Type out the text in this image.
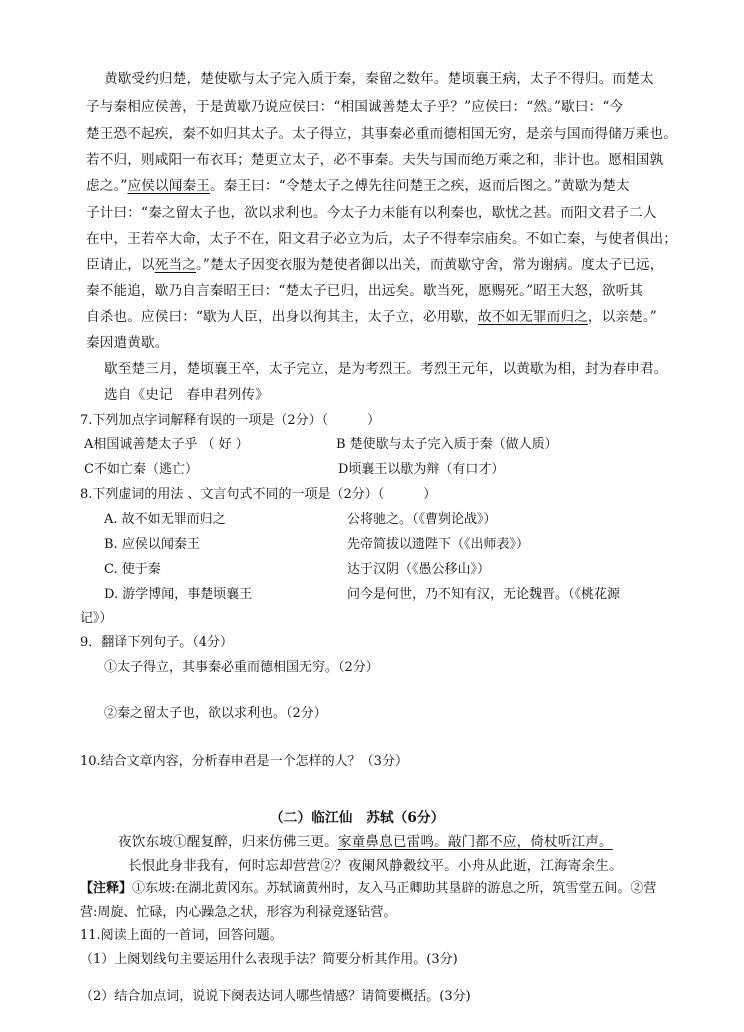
黄歇受约归楚，楚使歇与太子完入质于秦，秦留之数年。楚顷襄王病，太子不得归。而楚太
子与秦相应侯善，于是黄歇乃说应侯曰：“相国诚善楚太子乎？”应侯曰：“然。”歇曰：“今
楚王恐不起疾，秦不如归其太子。太子得立，其事秦必重而德相国无穷，是亲与国而得储万乘也。
若不归，则咸阳一布衣耳；楚更立太子，必不事秦。夫失与国而绝万乘之和，非计也。愿相国孰
虑之。”应侯以闻秦王。秦王曰：“令楚太子之傅先往问楚王之疾，返而后图之。”黄歇为楚太
子计曰：“秦之留太子也，欲以求利也。今太子力未能有以利秦也，歇忧之甚。而阳文君子二人
在中，王若卒大命，太子不在，阳文君子必立为后，太子不得奉宗庙矣。不如亡秦，与使者俱出；
臣请止，以死当之。”楚太子因变衣服为楚使者御以出关，而黄歇守舍，常为谢病。度太子已远，
秦不能追，歇乃自言秦昭王曰：“楚太子已归，出远矣。歇当死，愿赐死。”昭王大怒，欲听其
自杀也。应侯曰：“歇为人臣，出身以徇其主，太子立，必用歇，故不如无罪而归之，以亲楚。”
秦因遣黄歇。
歇至楚三月，楚顷襄王卒，太子完立，是为考烈王。考烈王元年，以黄歇为相，封为春申君。
选自《史记　春申君列传》
7.下列加点字词解释有误的一项是（2分）（　　　）
A相国诚善楚太子乎 （ 好 ）	B 楚使歇与太子完入质于秦（做人质）
C不如亡秦（逃亡）	D顷襄王以歇为辩（有口才）
8.下列虚词的用法 、文言句式不同的一项是（2分）（　　　）
A. 故不如无罪而归之	公将驰之。（《曹刿论战》）
B. 应侯以闻秦王	先帝简拔以遗陛下（《出师表》）
C. 使于秦	达于汉阴（《愚公移山》）
D. 游学博闻，事楚顷襄王	问今是何世，乃不知有汉，无论魏晋。（《桃花源
记》）
9．翻译下列句子。（4分）
①太子得立，其事秦必重而德相国无穷。（2分）
②秦之留太子也，欲以求利也。（2分）
10.结合文章内容，分析春申君是一个怎样的人？（3分）
（二）临江仙　苏轼（6分）
夜饮东坡①醒复醉，归来仿佛三更。家童鼻息已雷鸣。敲门都不应，倚杖听江声。
长恨此身非我有，何时忘却营营②？夜阑风静縠纹平。小舟从此逝，江海寄余生。
【注释】①东坡:在湖北黄冈东。苏轼谪黄州时，友入马正卿助其垦辟的游息之所，筑雪堂五间。②营
营:周旋、忙碌，内心躁急之状，形容为利禄竟逐钻营。
11.阅读上面的一首词，回答问题。
（1）上阕划线句主要运用什么表现手法？简要分析其作用。(3分)
（2）结合加点词，说说下阕表达词人哪些情感？请简要概括。(3分)
